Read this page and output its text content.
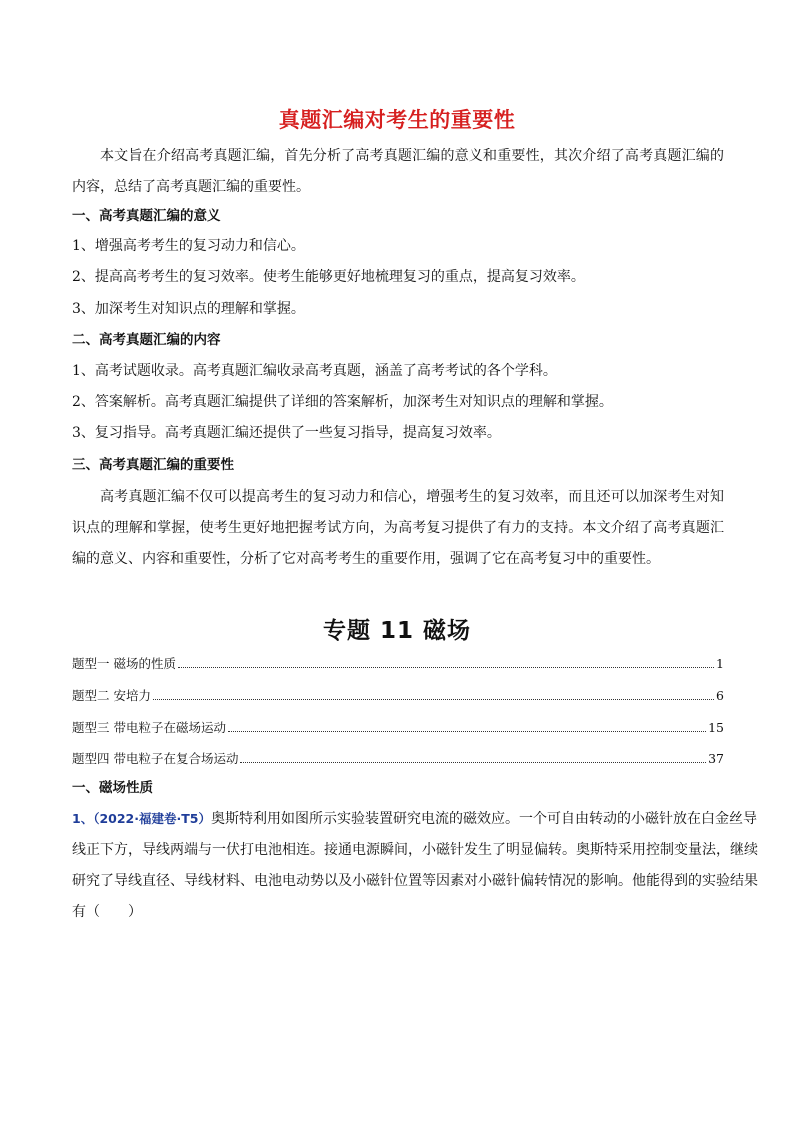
真题汇编对考生的重要性

本文旨在介绍高考真题汇编，首先分析了高考真题汇编的意义和重要性，其次介绍了高考真题汇编的内容，总结了高考真题汇编的重要性。

一、高考真题汇编的意义

1、增强高考考生的复习动力和信心。

2、提高高考考生的复习效率。使考生能够更好地梳理复习的重点，提高复习效率。

3、加深考生对知识点的理解和掌握。

二、高考真题汇编的内容

1、高考试题收录。高考真题汇编收录高考真题，涵盖了高考考试的各个学科。

2、答案解析。高考真题汇编提供了详细的答案解析，加深考生对知识点的理解和掌握。

3、复习指导。高考真题汇编还提供了一些复习指导，提高复习效率。

三、高考真题汇编的重要性

高考真题汇编不仅可以提高考生的复习动力和信心，增强考生的复习效率，而且还可以加深考生对知识点的理解和掌握，使考生更好地把握考试方向，为高考复习提供了有力的支持。本文介绍了高考真题汇编的意义、内容和重要性，分析了它对高考考生的重要作用，强调了它在高考复习中的重要性。

专题 11 磁场
题型一 磁场的性质	1
题型二 安培力	6
题型三 带电粒子在磁场运动	15
题型四 带电粒子在复合场运动	37

一、磁场性质

1、（2022·福建卷·T5）奥斯特利用如图所示实验装置研究电流的磁效应。一个可自由转动的小磁针放在白金丝导线正下方，导线两端与一伏打电池相连。接通电源瞬间，小磁针发生了明显偏转。奥斯特采用控制变量法，继续研究了导线直径、导线材料、电池电动势以及小磁针位置等因素对小磁针偏转情况的影响。他能得到的实验结果有（　　）
